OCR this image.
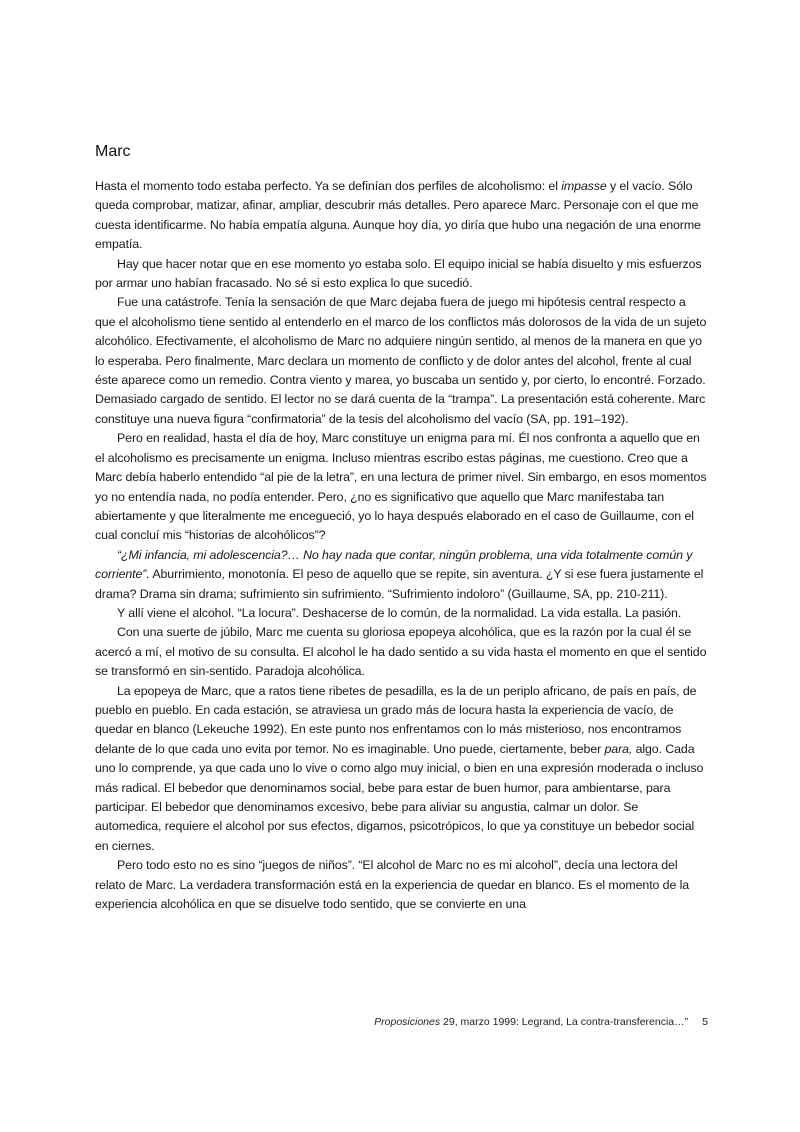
Marc

Hasta el momento todo estaba perfecto. Ya se definían dos perfiles de alcoholismo: el impasse y el vacío. Sólo queda comprobar, matizar, afinar, ampliar, descubrir más detalles. Pero aparece Marc. Personaje con el que me cuesta identificarme. No había empatía alguna. Aunque hoy día, yo diría que hubo una negación de una enorme empatía.

Hay que hacer notar que en ese momento yo estaba solo. El equipo inicial se había disuelto y mis esfuerzos por armar uno habían fracasado. No sé si esto explica lo que sucedió.

Fue una catástrofe. Tenía la sensación de que Marc dejaba fuera de juego mi hipótesis central respecto a que el alcoholismo tiene sentido al entenderlo en el marco de los conflictos más dolorosos de la vida de un sujeto alcohólico. Efectivamente, el alcoholismo de Marc no adquiere ningún sentido, al menos de la manera en que yo lo esperaba. Pero finalmente, Marc declara un momento de conflicto y de dolor antes del alcohol, frente al cual éste aparece como un remedio. Contra viento y marea, yo buscaba un sentido y, por cierto, lo encontré. Forzado. Demasiado cargado de sentido. El lector no se dará cuenta de la “trampa”. La presentación está coherente. Marc constituye una nueva figura “confirmatoria” de la tesis del alcoholismo del vacío (SA, pp. 191–192).

Pero en realidad, hasta el día de hoy, Marc constituye un enigma para mí. Él nos confronta a aquello que en el alcoholismo es precisamente un enigma. Incluso mientras escribo estas páginas, me cuestiono. Creo que a Marc debía haberlo entendido “al pie de la letra”, en una lectura de primer nivel. Sin embargo, en esos momentos yo no entendía nada, no podía entender. Pero, ¿no es significativo que aquello que Marc manifestaba tan abiertamente y que literalmente me encegueció, yo lo haya después elaborado en el caso de Guillaume, con el cual concluí mis “historias de alcohólicos”?

“¿Mi infancia, mi adolescencia?… No hay nada que contar, ningún problema, una vida totalmente común y corriente”. Aburrimiento, monotonía. El peso de aquello que se repite, sin aventura. ¿Y si ese fuera justamente el drama? Drama sin drama; sufrimiento sin sufrimiento. “Sufrimiento indoloro” (Guillaume, SA, pp. 210-211).

Y allí viene el alcohol. “La locura”. Deshacerse de lo común, de la normalidad. La vida estalla. La pasión.

Con una suerte de júbilo, Marc me cuenta su gloriosa epopeya alcohólica, que es la razón por la cual él se acercó a mí, el motivo de su consulta. El alcohol le ha dado sentido a su vida hasta el momento en que el sentido se transformó en sin-sentido. Paradoja alcohólica.

La epopeya de Marc, que a ratos tiene ribetes de pesadilla, es la de un periplo africano, de país en país, de pueblo en pueblo. En cada estación, se atraviesa un grado más de locura hasta la experiencia de vacío, de quedar en blanco (Lekeuche 1992). En este punto nos enfrentamos con lo más misterioso, nos encontramos delante de lo que cada uno evita por temor. No es imaginable. Uno puede, ciertamente, beber para, algo. Cada uno lo comprende, ya que cada uno lo vive o como algo muy inicial, o bien en una expresión moderada o incluso más radical. El bebedor que denominamos social, bebe para estar de buen humor, para ambientarse, para participar. El bebedor que denominamos excesivo, bebe para aliviar su angustia, calmar un dolor. Se automedica, requiere el alcohol por sus efectos, digamos, psicotrópicos, lo que ya constituye un bebedor social en ciernes.

Pero todo esto no es sino “juegos de niños”. “El alcohol de Marc no es mi alcohol”, decía una lectora del relato de Marc. La verdadera transformación está en la experiencia de quedar en blanco. Es el momento de la experiencia alcohólica en que se disuelve todo sentido, que se convierte en una

Proposiciones 29, marzo 1999: Legrand, La contra-transferencia…” 5
